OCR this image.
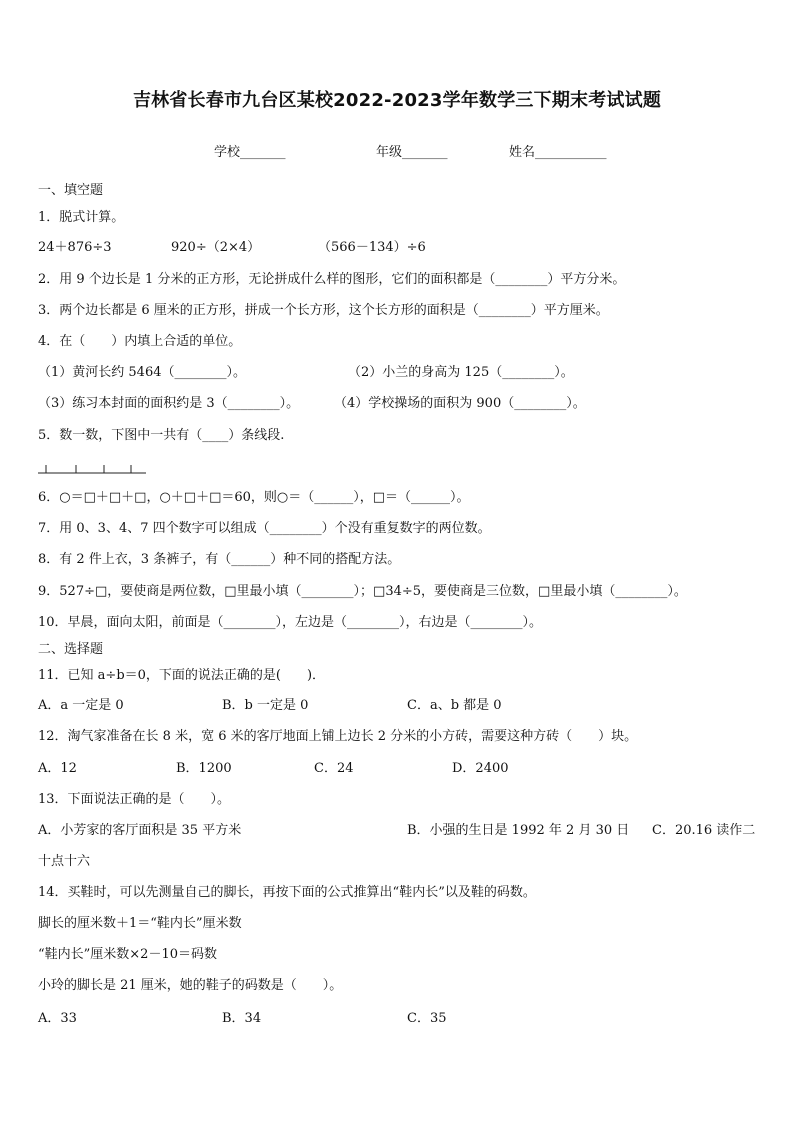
吉林省长春市九台区某校2022-2023学年数学三下期末考试试题
学校_______	年级_______	姓名___________
一、填空题
1．脱式计算。
24＋876÷3	920÷（2×4）	（566－134）÷6
2．用 9 个边长是 1 分米的正方形，无论拼成什么样的图形，它们的面积都是（________）平方分米。
3．两个边长都是 6 厘米的正方形，拼成一个长方形，这个长方形的面积是（________）平方厘米。
4．在（　　）内填上合适的单位。
（1）黄河长约 5464（________）。	（2）小兰的身高为 125（________）。
（3）练习本封面的面积约是 3（________）。	（4）学校操场的面积为 900（________）。
5．数一数，下图中一共有（____）条线段.
6．○＝□＋□＋□，○＋□＋□＝60，则○＝（______），□＝（______）。
7．用 0、3、4、7 四个数字可以组成（________）个没有重复数字的两位数。
8．有 2 件上衣，3 条裤子，有（______）种不同的搭配方法。
9．527÷□，要使商是两位数，□里最小填（________）；□34÷5，要使商是三位数，□里最小填（________）。
10．早晨，面向太阳，前面是（________），左边是（________），右边是（________）。
二、选择题
11．已知 a÷b＝0，下面的说法正确的是(　　)．
A．a 一定是 0	B．b 一定是 0	C．a、b 都是 0
12．淘气家准备在长 8 米，宽 6 米的客厅地面上铺上边长 2 分米的小方砖，需要这种方砖（　　）块。
A．12	B．1200	C．24	D．2400
13．下面说法正确的是（　　）。
A．小芳家的客厅面积是 35 平方米	B．小强的生日是 1992 年 2 月 30 日 C．20.16 读作二
十点十六
14．买鞋时，可以先测量自己的脚长，再按下面的公式推算出“鞋内长”以及鞋的码数。
脚长的厘米数＋1＝“鞋内长”厘米数
“鞋内长”厘米数×2－10＝码数
小玲的脚长是 21 厘米，她的鞋子的码数是（　　）。
A．33	B．34	C．35
